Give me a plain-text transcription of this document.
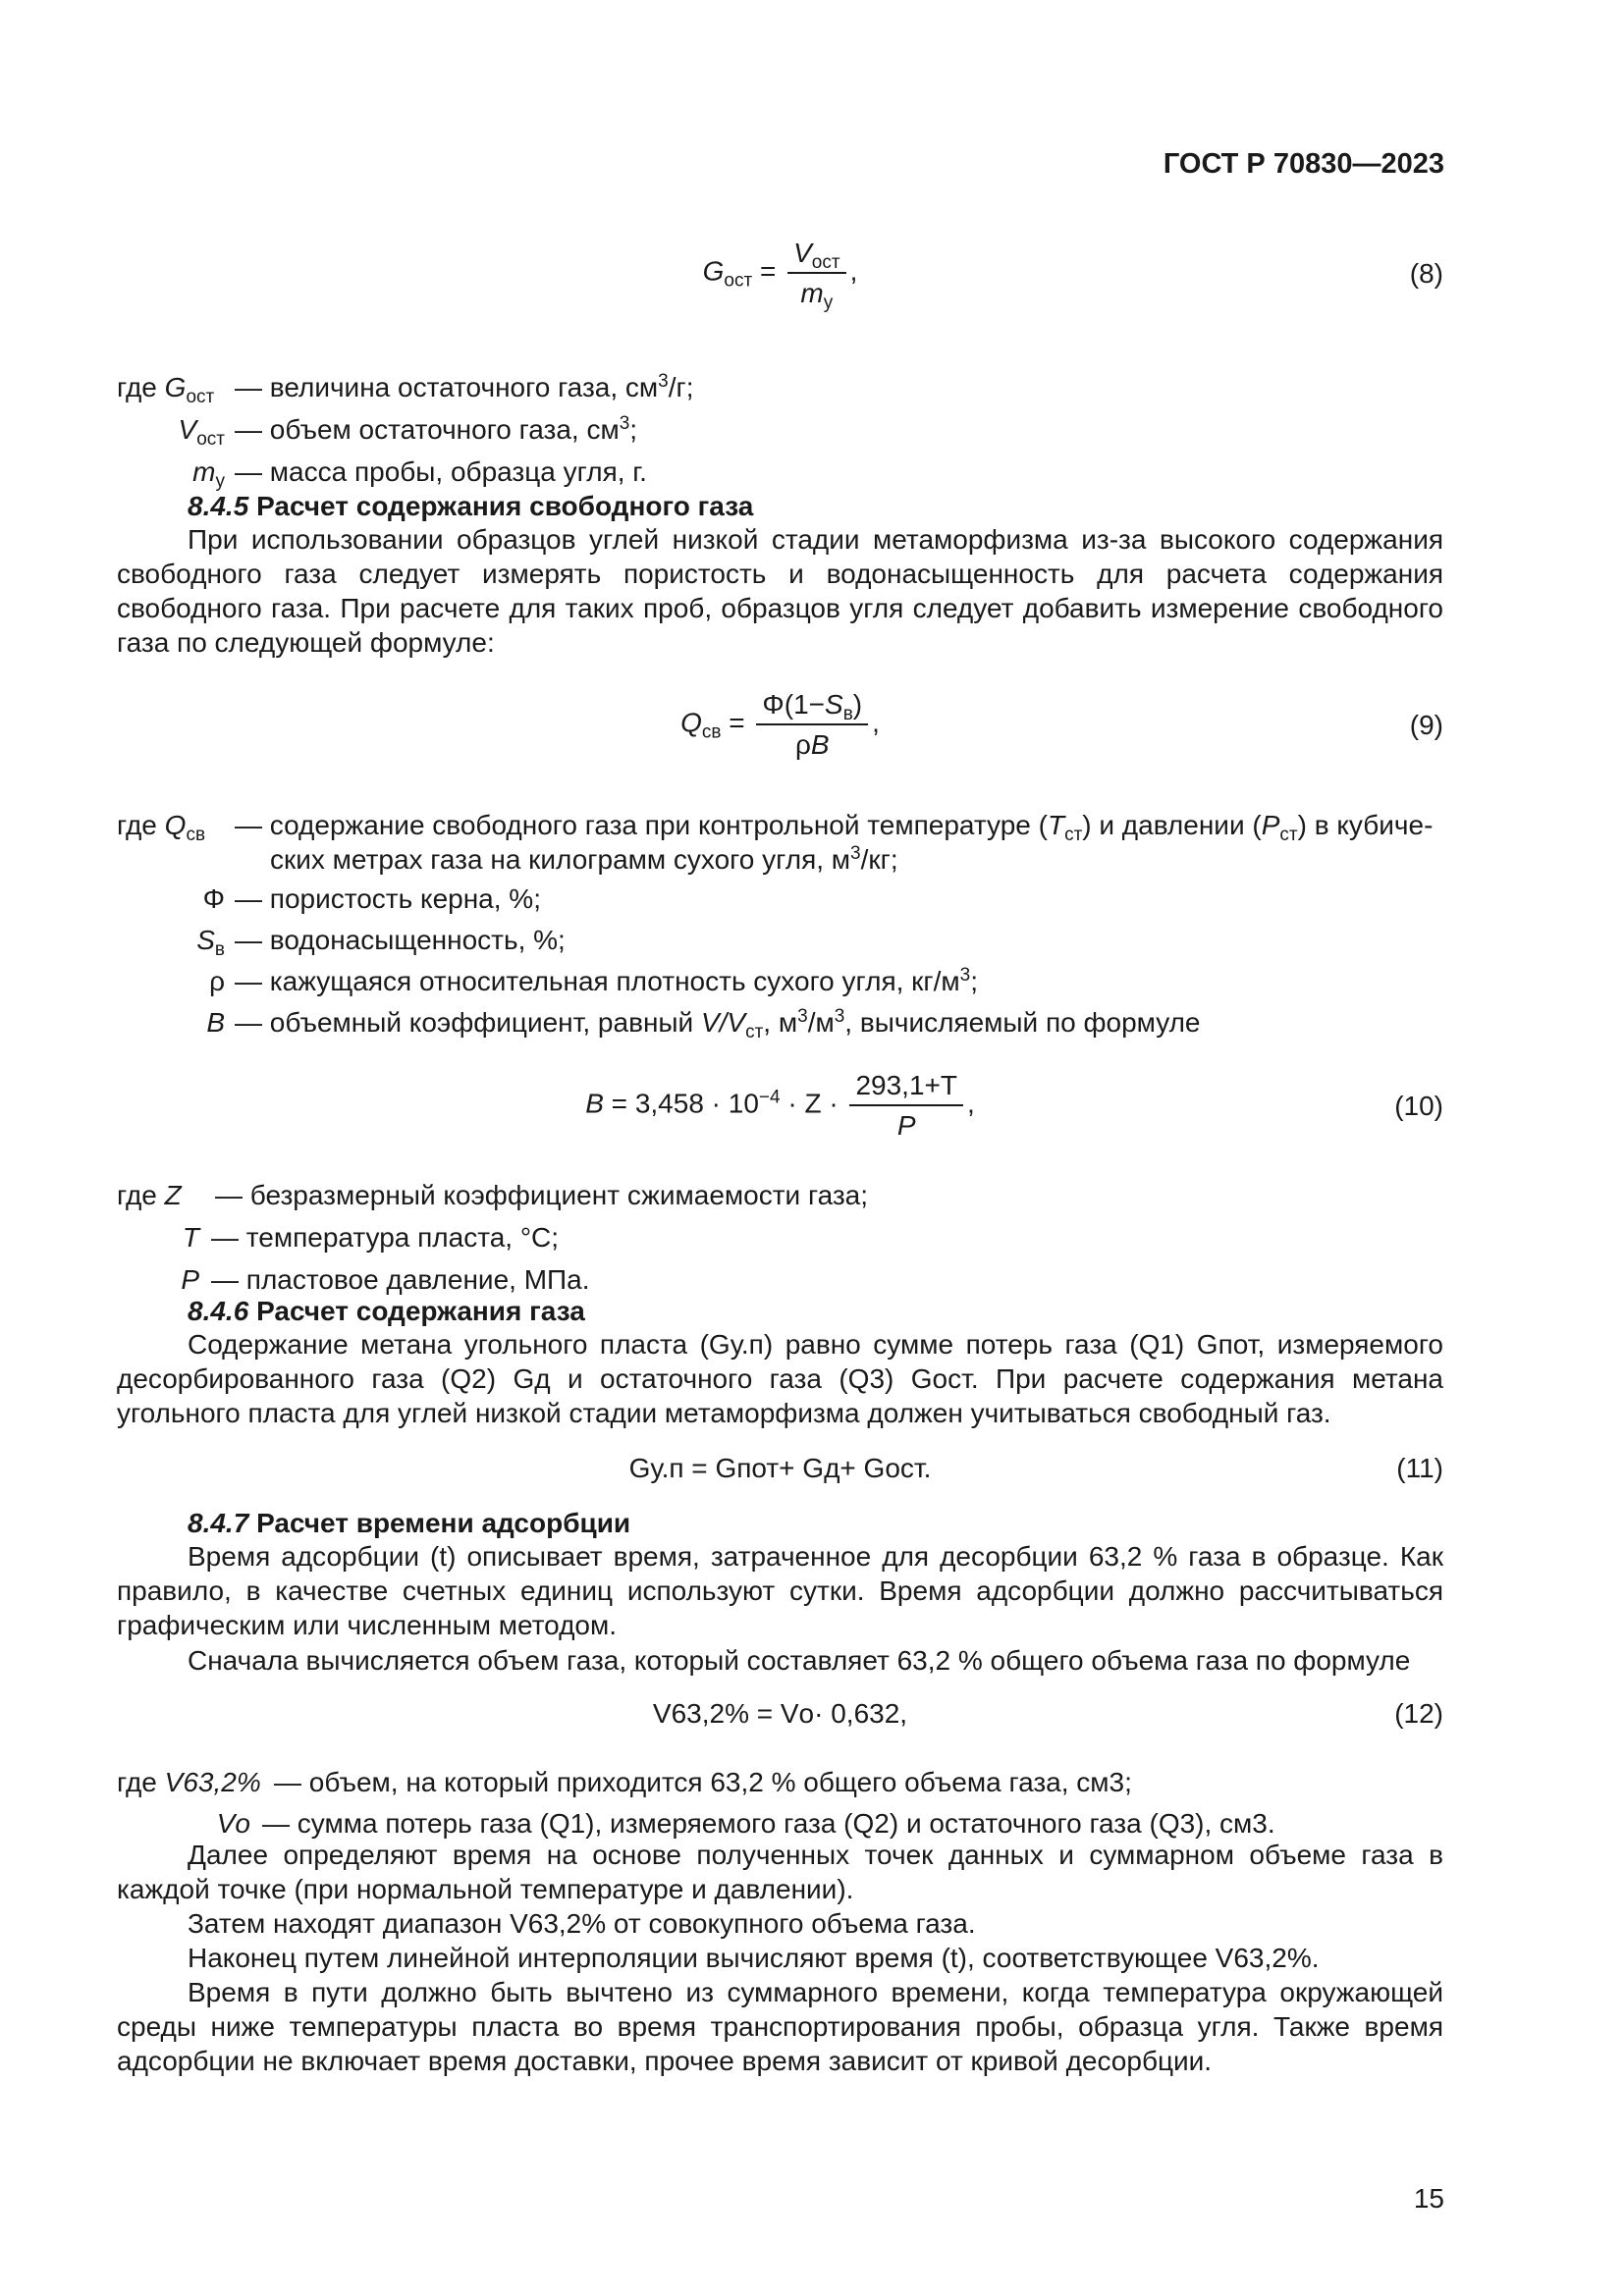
ГОСТ Р 70830—2023
$G_{ост} = \frac{V_{ост}}{m_у}$ ,	(8)
где $G_{ост}$ — величина остаточного газа, $см^3/г$;
$V_{ост}$ — объем остаточного газа, $см^3$;
$m_у$ — масса пробы, образца угля, г.
8.4.5 Расчет содержания свободного газа
При использовании образцов углей низкой стадии метаморфизма из-за высокого содержания свободного газа следует измерять пористость и водонасыщенность для расчета содержания свободного газа. При расчете для таких проб, образцов угля следует добавить измерение свободного газа по следующей формуле:
$Q_{св} = \frac{\Phi(1-S_в)}{\rho B}$ ,	(9)
где $Q_{св}$	— содержание свободного газа при контрольной температуре $(T_{ст})$ и давлении $(P_{ст})$ в кубиче-
ских метрах газа на килограмм сухого угля, $м^3/кг$;
Φ — пористость керна, %;
$S_в$ — водонасыщенность, %;
ρ — кажущаяся относительная плотность сухого угля, $кг/м^3$;
B — объемный коэффициент, равный $V/V_{ст}$, $м^3/м^3$, вычисляемый по формуле
$B = 3,458 \cdot 10^{-4} \cdot Z \cdot \frac{293,1+T}{P}$ ,	(10)
где Z	— безразмерный коэффициент сжимаемости газа;
T — температура пласта, °C;
P — пластовое давление, МПа.
8.4.6 Расчет содержания газа
Содержание метана угольного пласта (Gу.п) равно сумме потерь газа (Q1) Gпот, измеряемого десорбированного газа (Q2) Gд и остаточного газа (Q3) Gост. При расчете содержания метана угольного пласта для углей низкой стадии метаморфизма должен учитываться свободный газ.
Gу.п = Gпот+ Gд+ Gост.	(11)
8.4.7 Расчет времени адсорбции
Время адсорбции (t) описывает время, затраченное для десорбции 63,2 % газа в образце. Как правило, в качестве счетных единиц используют сутки. Время адсорбции должно рассчитываться графическим или численным методом.
Сначала вычисляется объем газа, который составляет 63,2 % общего объема газа по формуле
V63,2% = Vо· 0,632,	(12)
где V63,2% — объем, на который приходится 63,2 % общего объема газа, см3;
Vо — сумма потерь газа (Q1), измеряемого газа (Q2) и остаточного газа (Q3), см3.
Далее определяют время на основе полученных точек данных и суммарном объеме газа в каждой точке (при нормальной температуре и давлении).
Затем находят диапазон V63,2% от совокупного объема газа.
Наконец путем линейной интерполяции вычисляют время (t), соответствующее V63,2%.
Время в пути должно быть вычтено из суммарного времени, когда температура окружающей среды ниже температуры пласта во время транспортирования пробы, образца угля. Также время адсорбции не включает время доставки, прочее время зависит от кривой десорбции.
15
